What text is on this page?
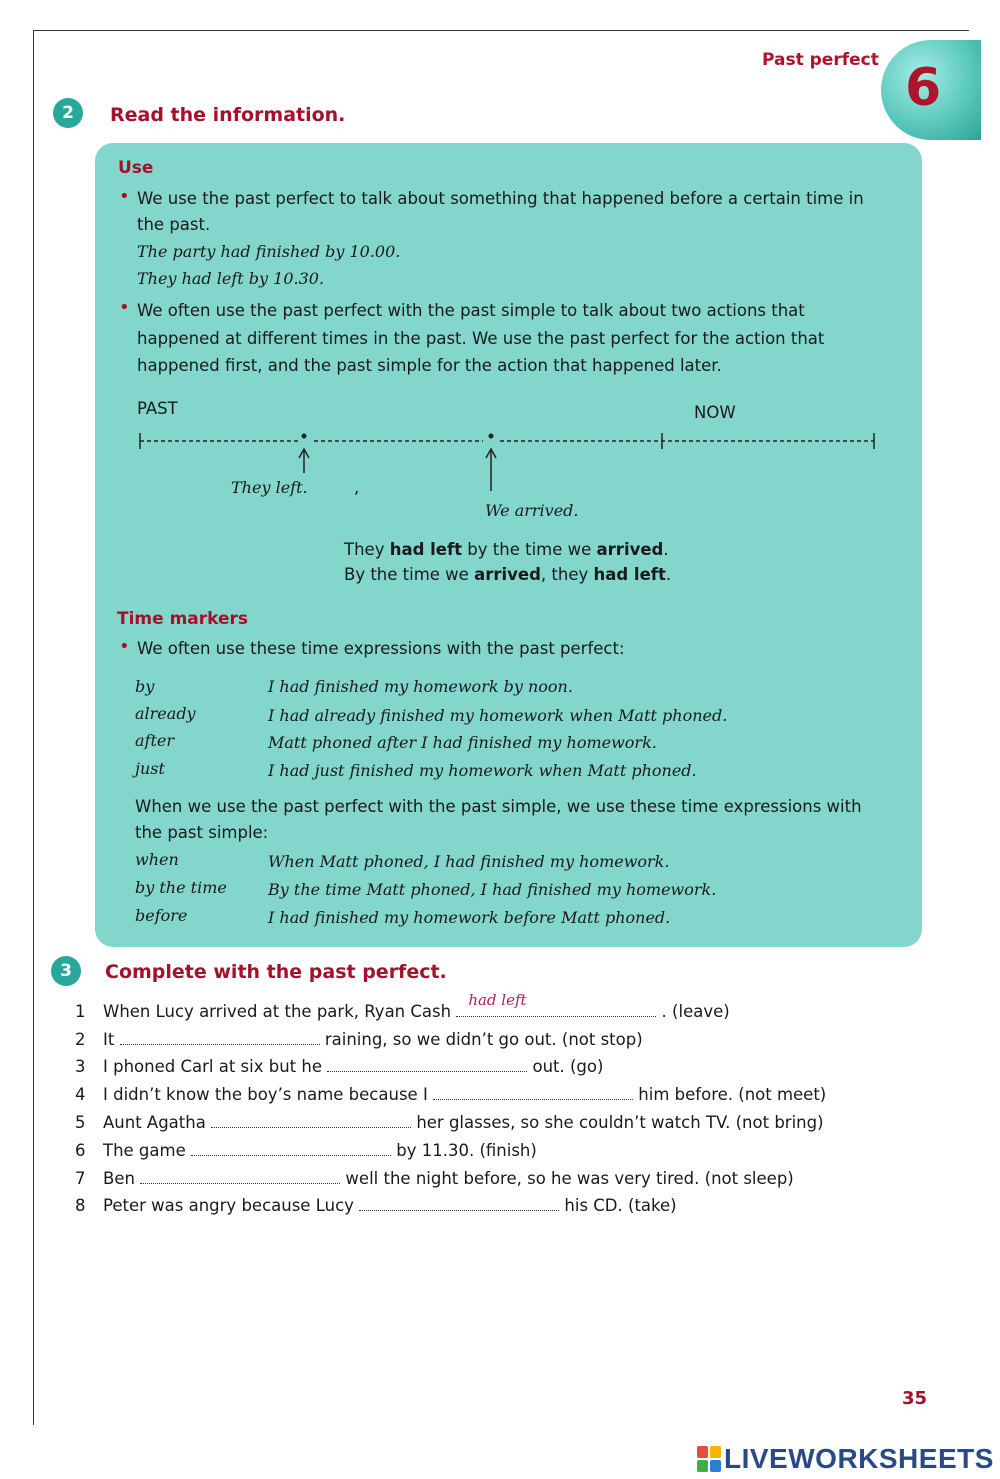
Past perfect 6
2	Read the information.
Use
• We use the past perfect to talk about something that happened before a certain time in
the past.
The party had finished by 10.00.
They had left by 10.30.
• We often use the past perfect with the past simple to talk about two actions that
happened at different times in the past. We use the past perfect for the action that
happened first, and the past simple for the action that happened later.
PAST	NOW
They left.	,
We arrived.
They had left by the time we arrived.
By the time we arrived, they had left.
Time markers
• We often use these time expressions with the past perfect:
by	I had finished my homework by noon.
already	I had already finished my homework when Matt phoned.
after	Matt phoned after I had finished my homework.
just	I had just finished my homework when Matt phoned.
When we use the past perfect with the past simple, we use these time expressions with
the past simple:
when	When Matt phoned, I had finished my homework.
by the time	By the time Matt phoned, I had finished my homework.
before	I had finished my homework before Matt phoned.
3	Complete with the past perfect.
1 When Lucy arrived at the park, Ryan Cash
had left
. (leave)
2 It	raining, so we didn’t go out. (not stop)
3 I phoned Carl at six but he	out. (go)
4 I didn’t know the boy’s name because I	him before. (not meet)
5 Aunt Agatha	her glasses, so she couldn’t watch TV. (not bring)
6 The game	by 11.30. (finish)
7 Ben	well the night before, so he was very tired. (not sleep)
8 Peter was angry because Lucy	his CD. (take)
35
LIVEWORKSHEETS
